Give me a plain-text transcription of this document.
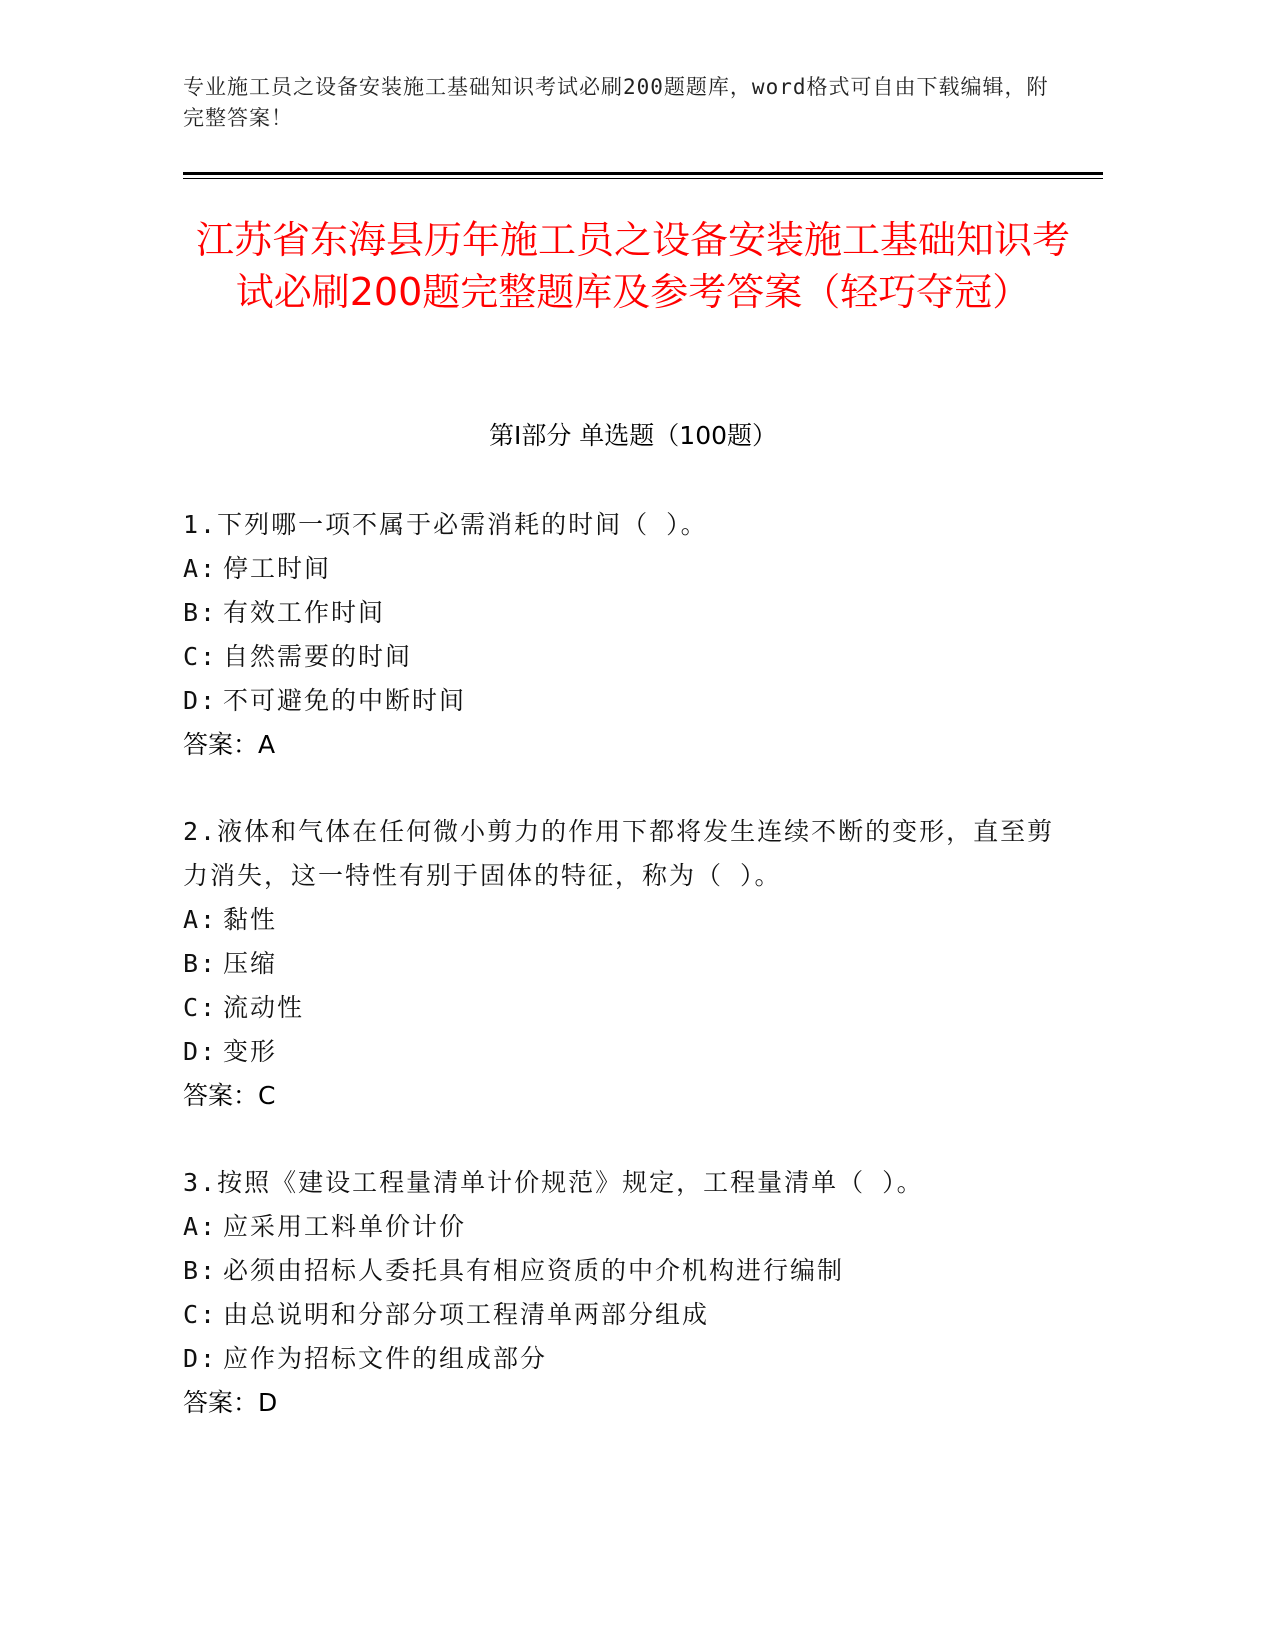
专业施工员之设备安装施工基础知识考试必刷200题题库，word格式可自由下载编辑，附完整答案！
江苏省东海县历年施工员之设备安装施工基础知识考试必刷200题完整题库及参考答案（轻巧夺冠）
第I部分 单选题（100题）
1.下列哪一项不属于必需消耗的时间（ ）。
A: 停工时间
B: 有效工作时间
C: 自然需要的时间
D: 不可避免的中断时间
答案：A
2.液体和气体在任何微小剪力的作用下都将发生连续不断的变形，直至剪力消失，这一特性有别于固体的特征，称为（ ）。
A: 黏性
B: 压缩
C: 流动性
D: 变形
答案：C
3.按照《建设工程量清单计价规范》规定，工程量清单（ ）。
A: 应采用工料单价计价
B: 必须由招标人委托具有相应资质的中介机构进行编制
C: 由总说明和分部分项工程清单两部分组成
D: 应作为招标文件的组成部分
答案：D
